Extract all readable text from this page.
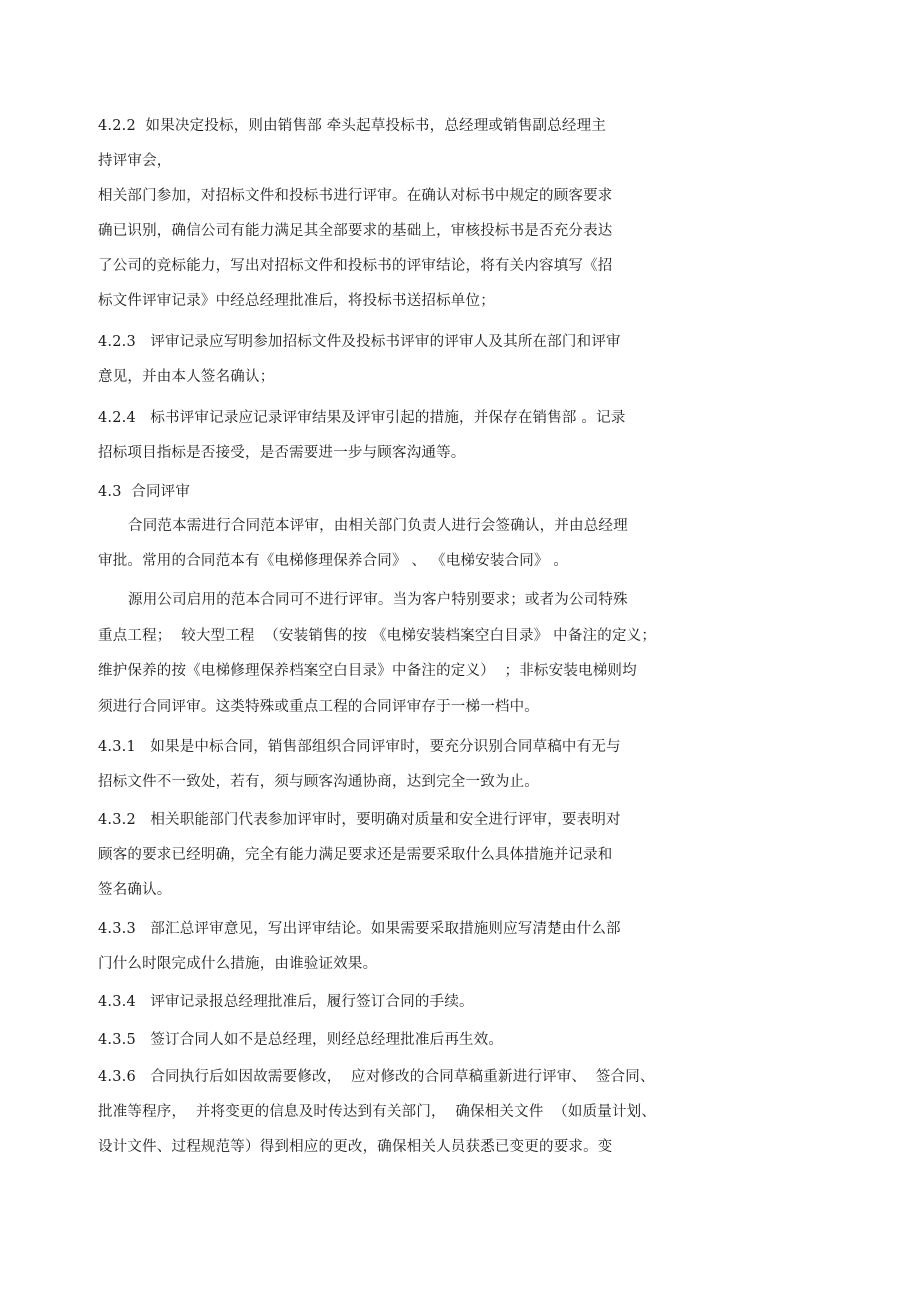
4.2.2  如果决定投标，则由销售部 牵头起草投标书，总经理或销售副总经理主
持评审会，
相关部门参加，对招标文件和投标书进行评审。在确认对标书中规定的顾客要求
确已识别，确信公司有能力满足其全部要求的基础上，审核投标书是否充分表达
了公司的竞标能力，写出对招标文件和投标书的评审结论，将有关内容填写《招
标文件评审记录》中经总经理批准后，将投标书送招标单位；
4.2.3   评审记录应写明参加招标文件及投标书评审的评审人及其所在部门和评审
意见，并由本人签名确认；
4.2.4   标书评审记录应记录评审结果及评审引起的措施，并保存在销售部 。记录
招标项目指标是否接受，是否需要进一步与顾客沟通等。
4.3  合同评审
合同范本需进行合同范本评审，由相关部门负责人进行会签确认，并由总经理
审批。常用的合同范本有《电梯修理保养合同》 、 《电梯安装合同》 。
源用公司启用的范本合同可不进行评审。当为客户特别要求；或者为公司特殊
重点工程；  较大型工程  （安装销售的按 《电梯安装档案空白目录》 中备注的定义；
维护保养的按《电梯修理保养档案空白目录》中备注的定义）  ；非标安装电梯则均
须进行合同评审。这类特殊或重点工程的合同评审存于一梯一档中。
4.3.1   如果是中标合同，销售部组织合同评审时，要充分识别合同草稿中有无与
招标文件不一致处，若有，须与顾客沟通协商，达到完全一致为止。
4.3.2   相关职能部门代表参加评审时，要明确对质量和安全进行评审，要表明对
顾客的要求已经明确，完全有能力满足要求还是需要采取什么具体措施并记录和
签名确认。
4.3.3   部汇总评审意见，写出评审结论。如果需要采取措施则应写清楚由什么部
门什么时限完成什么措施，由谁验证效果。
4.3.4   评审记录报总经理批准后，履行签订合同的手续。
4.3.5   签订合同人如不是总经理，则经总经理批准后再生效。
4.3.6   合同执行后如因故需要修改，  应对修改的合同草稿重新进行评审、  签合同、
批准等程序，  并将变更的信息及时传达到有关部门，  确保相关文件  （如质量计划、
设计文件、过程规范等）得到相应的更改，确保相关人员获悉已变更的要求。变
